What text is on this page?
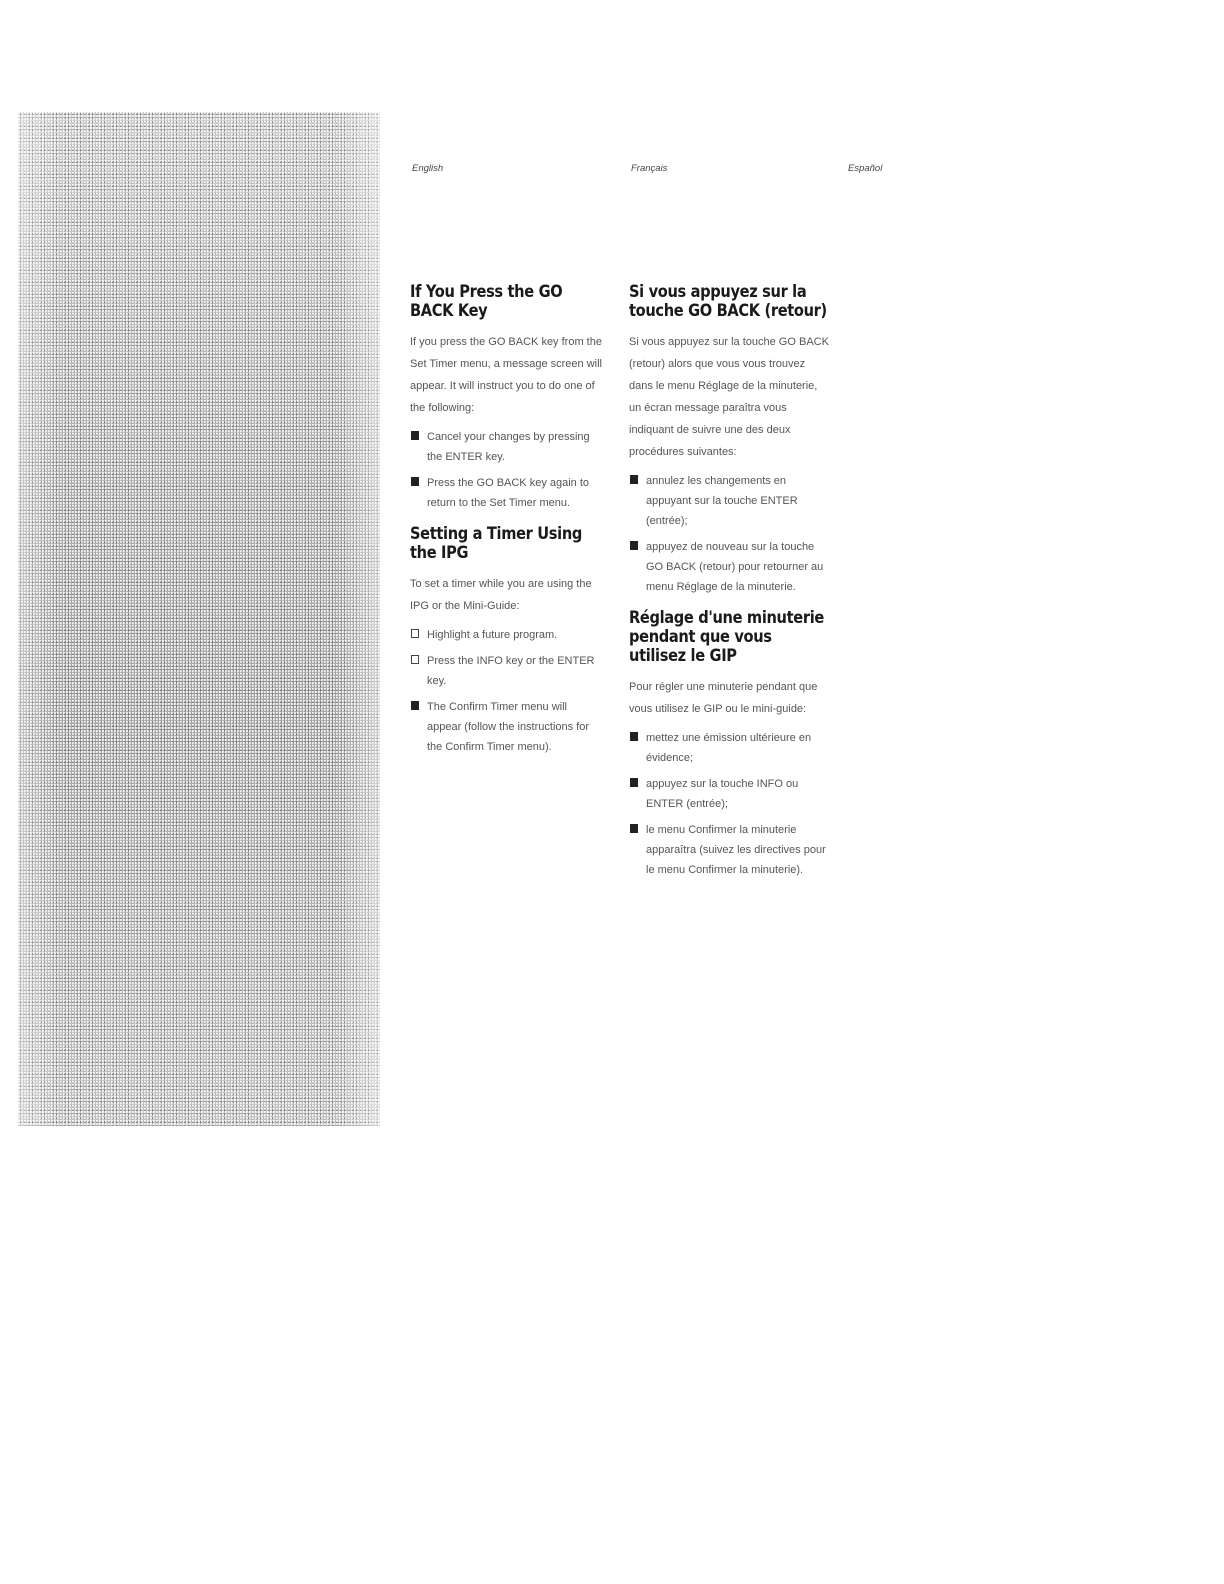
English	Français	Español
If You Press the GO BACK Key

If you press the GO BACK key from the Set Timer menu, a message screen will appear. It will instruct you to do one of the following:

Cancel your changes by pressing the ENTER key.
Press the GO BACK key again to return to the Set Timer menu.
Setting a Timer Using the IPG

To set a timer while you are using the IPG or the Mini-Guide:

Highlight a future program.
Press the INFO key or the ENTER key.
The Confirm Timer menu will appear (follow the instructions for the Confirm Timer menu).
Si vous appuyez sur la touche GO BACK (retour)

Si vous appuyez sur la touche GO BACK (retour) alors que vous vous trouvez dans le menu Réglage de la minuterie, un écran message paraîtra vous indiquant de suivre une des deux procédures suivantes:

annulez les changements en appuyant sur la touche ENTER (entrée);
appuyez de nouveau sur la touche GO BACK (retour) pour retourner au menu Réglage de la minuterie.
Réglage d'une minuterie pendant que vous utilisez le GIP

Pour régler une minuterie pendant que vous utilisez le GIP ou le mini-guide:

mettez une émission ultérieure en évidence;
appuyez sur la touche INFO ou ENTER (entrée);
le menu Confirmer la minuterie apparaîtra (suivez les directives pour le menu Confirmer la minuterie).
